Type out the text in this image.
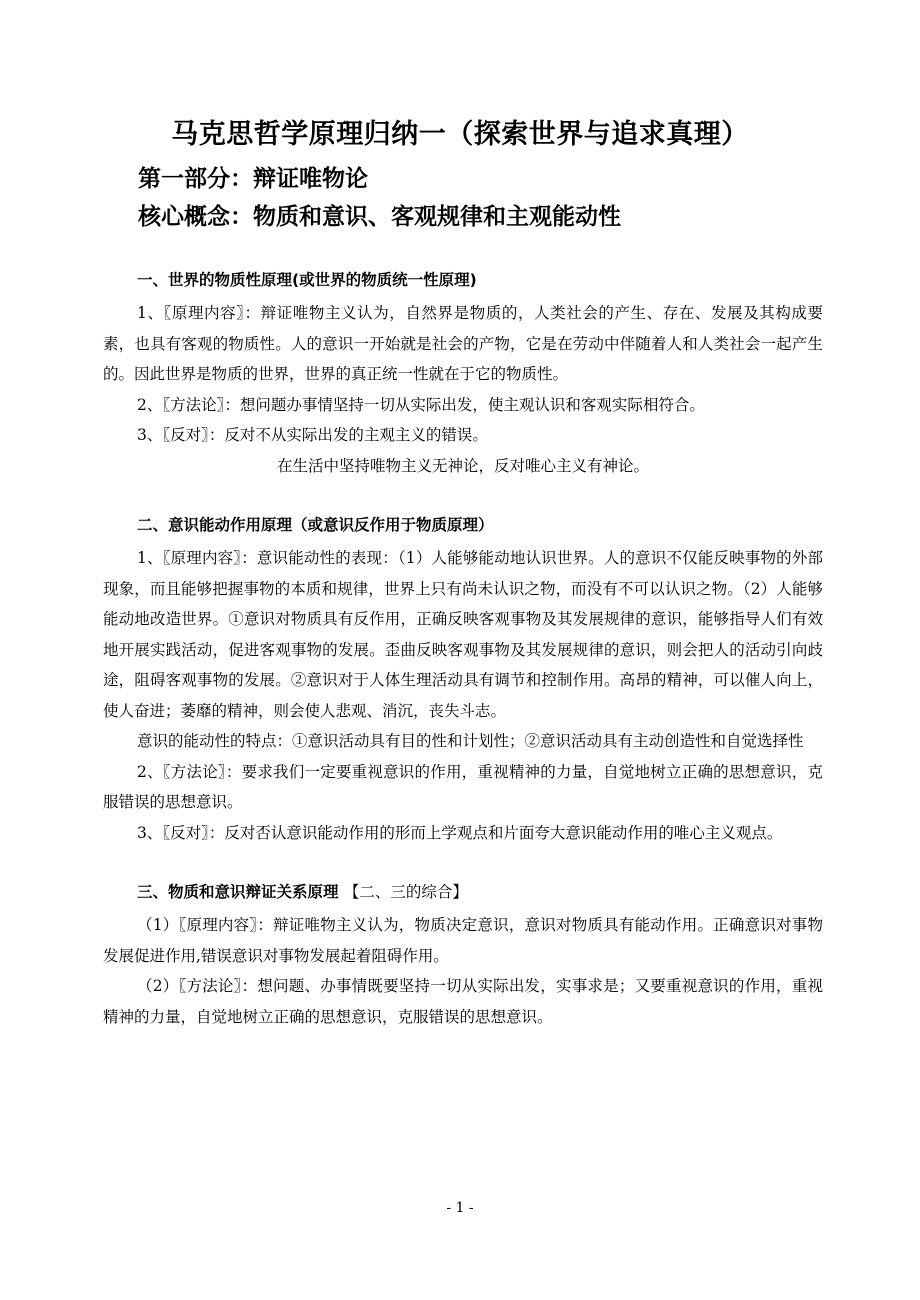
马克思哲学原理归纳一（探索世界与追求真理）
第一部分：辩证唯物论
核心概念：物质和意识、客观规律和主观能动性
一、世界的物质性原理(或世界的物质统一性原理)

1、〖原理内容〗：辩证唯物主义认为，自然界是物质的，人类社会的产生、存在、发展及其构成要素，也具有客观的物质性。人的意识一开始就是社会的产物，它是在劳动中伴随着人和人类社会一起产生的。因此世界是物质的世界，世界的真正统一性就在于它的物质性。

2、〖方法论〗：想问题办事情坚持一切从实际出发，使主观认识和客观实际相符合。

3、〖反对〗：反对不从实际出发的主观主义的错误。

在生活中坚持唯物主义无神论，反对唯心主义有神论。

二、意识能动作用原理（或意识反作用于物质原理）

1、〖原理内容〗：意识能动性的表现：（1）人能够能动地认识世界。人的意识不仅能反映事物的外部现象，而且能够把握事物的本质和规律，世界上只有尚未认识之物，而没有不可以认识之物。（2）人能够能动地改造世界。①意识对物质具有反作用，正确反映客观事物及其发展规律的意识，能够指导人们有效地开展实践活动，促进客观事物的发展。歪曲反映客观事物及其发展规律的意识，则会把人的活动引向歧途，阻碍客观事物的发展。②意识对于人体生理活动具有调节和控制作用。高昂的精神，可以催人向上，使人奋进；萎靡的精神，则会使人悲观、消沉，丧失斗志。

意识的能动性的特点：①意识活动具有目的性和计划性；②意识活动具有主动创造性和自觉选择性

2、〖方法论〗：要求我们一定要重视意识的作用，重视精神的力量，自觉地树立正确的思想意识，克服错误的思想意识。

3、〖反对〗：反对否认意识能动作用的形而上学观点和片面夸大意识能动作用的唯心主义观点。

三、物质和意识辩证关系原理 【二、三的综合】

（1）〖原理内容〗：辩证唯物主义认为，物质决定意识，意识对物质具有能动作用。正确意识对事物发展促进作用,错误意识对事物发展起着阻碍作用。

（2）〖方法论〗：想问题、办事情既要坚持一切从实际出发，实事求是；又要重视意识的作用，重视精神的力量，自觉地树立正确的思想意识，克服错误的思想意识。

- 1 -
